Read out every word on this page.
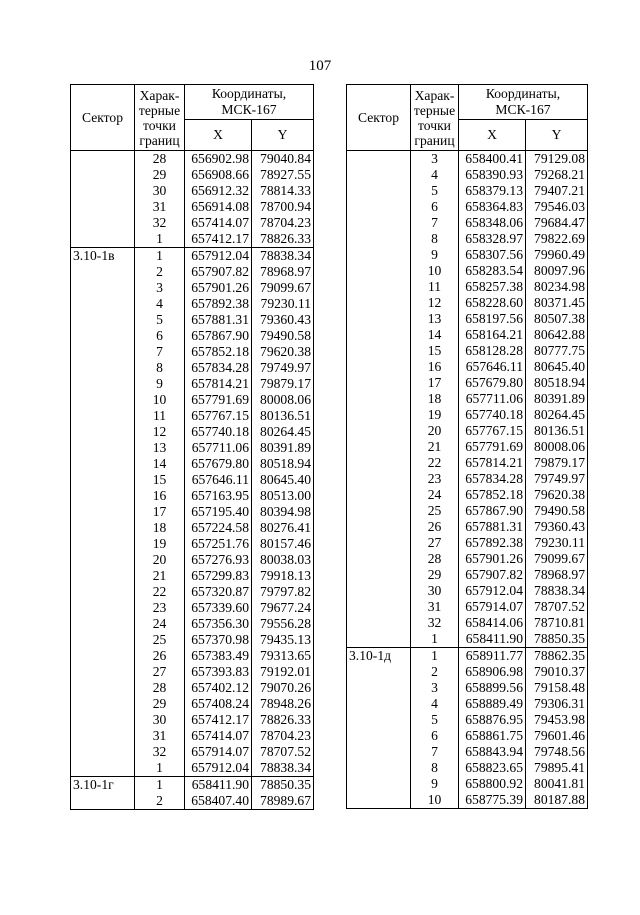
107
Сектор	Харак-
терные
точки
границ	Координаты,
МСК-167	
		X	Y
	28	656902.98	79040.84
	29	656908.66	78927.55
	30	656912.32	78814.33
	31	656914.08	78700.94
	32	657414.07	78704.23
	1	657412.17	78826.33
3.10-1в	1	657912.04	78838.34
	2	657907.82	78968.97
	3	657901.26	79099.67
	4	657892.38	79230.11
	5	657881.31	79360.43
	6	657867.90	79490.58
	7	657852.18	79620.38
	8	657834.28	79749.97
	9	657814.21	79879.17
	10	657791.69	80008.06
	11	657767.15	80136.51
	12	657740.18	80264.45
	13	657711.06	80391.89
	14	657679.80	80518.94
	15	657646.11	80645.40
	16	657163.95	80513.00
	17	657195.40	80394.98
	18	657224.58	80276.41
	19	657251.76	80157.46
	20	657276.93	80038.03
	21	657299.83	79918.13
	22	657320.87	79797.82
	23	657339.60	79677.24
	24	657356.30	79556.28
	25	657370.98	79435.13
	26	657383.49	79313.65
	27	657393.83	79192.01
	28	657402.12	79070.26
	29	657408.24	78948.26
	30	657412.17	78826.33
	31	657414.07	78704.23
	32	657914.07	78707.52
	1	657912.04	78838.34
3.10-1г	1	658411.90	78850.35
	2	658407.40	78989.67
Сектор	Харак-
терные
точки
границ	Координаты,
МСК-167	
		X	Y
	3	658400.41	79129.08
	4	658390.93	79268.21
	5	658379.13	79407.21
	6	658364.83	79546.03
	7	658348.06	79684.47
	8	658328.97	79822.69
	9	658307.56	79960.49
	10	658283.54	80097.96
	11	658257.38	80234.98
	12	658228.60	80371.45
	13	658197.56	80507.38
	14	658164.21	80642.88
	15	658128.28	80777.75
	16	657646.11	80645.40
	17	657679.80	80518.94
	18	657711.06	80391.89
	19	657740.18	80264.45
	20	657767.15	80136.51
	21	657791.69	80008.06
	22	657814.21	79879.17
	23	657834.28	79749.97
	24	657852.18	79620.38
	25	657867.90	79490.58
	26	657881.31	79360.43
	27	657892.38	79230.11
	28	657901.26	79099.67
	29	657907.82	78968.97
	30	657912.04	78838.34
	31	657914.07	78707.52
	32	658414.06	78710.81
	1	658411.90	78850.35
3.10-1д	1	658911.77	78862.35
	2	658906.98	79010.37
	3	658899.56	79158.48
	4	658889.49	79306.31
	5	658876.95	79453.98
	6	658861.75	79601.46
	7	658843.94	79748.56
	8	658823.65	79895.41
	9	658800.92	80041.81
	10	658775.39	80187.88
